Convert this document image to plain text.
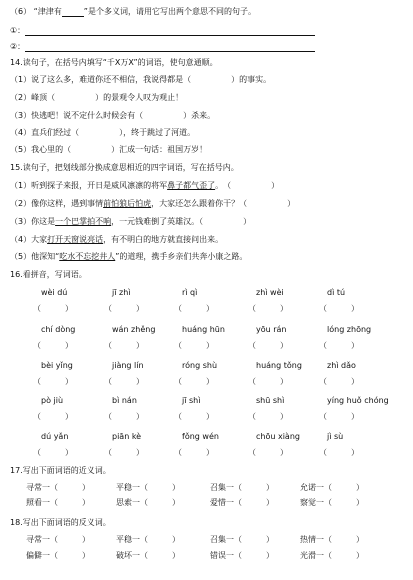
（6） “津津有	”是个多义词，请用它写出两个意思不同的句子。
①：
②：
14.读句子，在括号内填写“千X万X”的词语，使句意通顺。
（1）说了这么多，难道你还不相信，我说得都是（　　　　　）的事实。
（2）峰顶（　　　　　）的景观令人叹为观止！
（3）快逃吧！说不定什么时候会有（　　　　　）杀来。
（4）直兵们经过（　　　　　），终于跳过了河道。
（5）我心里的（　　　　　）汇成一句话：祖国万岁！
15.读句子，把划线部分换成意思相近的四字词语，写在括号内。
（1）听到探子来报，开日是威风凛凛的将军鼻子都气歪了。　（　　　　　）
（2）像你这样，遇到事情前怕狼后怕虎，大家还怎么跟着你干？（　　　　　）
（3）你这是一个巴掌拍不响，一元钱难倒了英雄汉。（　　　　　）
（4）大家打开天窗说亮话，有不明白的地方就直接问出来。
（5）他深知“吃水不忘挖井人”的道理，携手乡亲们共奔小康之路。
16.看拼音，写词语。
wèi dú
（　　　）
jī zhì
（　　　）
rì qì
（　　　）
zhì wèi
（　　　）
dì tú
（　　　）
chí dòng
（　　　）
wán zhěng
（　　　）
huáng hūn
（　　　）
yōu rán
（　　　）
lóng zhōng
（　　　）
bèi yǐng
（　　　）
jiàng lín
（　　　）
róng shù
（　　　）
huáng tǒng
（　　　）
zhì dǎo
（　　　）
pò jiù
（　　　）
bì nán
（　　　）
jī shì
（　　　）
shū shì
（　　　）
yíng huǒ chóng
（　　　）
dú yǎn
（　　　）
piān kè
（　　　）
fǒng wén
（　　　）
chōu xiàng
（　　　）
jì sù
（　　　）
17.写出下面词语的近义词。
寻常一（　　　）	平稳一（　　　）	召集一（　　　）	允诺一（　　　）
照看一（　　　）	思索一（　　　）	爱惜一（　　　）	察觉一（　　　）
18.写出下面词语的反义词。
寻常一（　　　）	平稳一（　　　）	召集一（　　　）	热情一（　　　）
偏僻一（　　　）	破坏一（　　　）	错误一（　　　）	光滑一（　　　）
